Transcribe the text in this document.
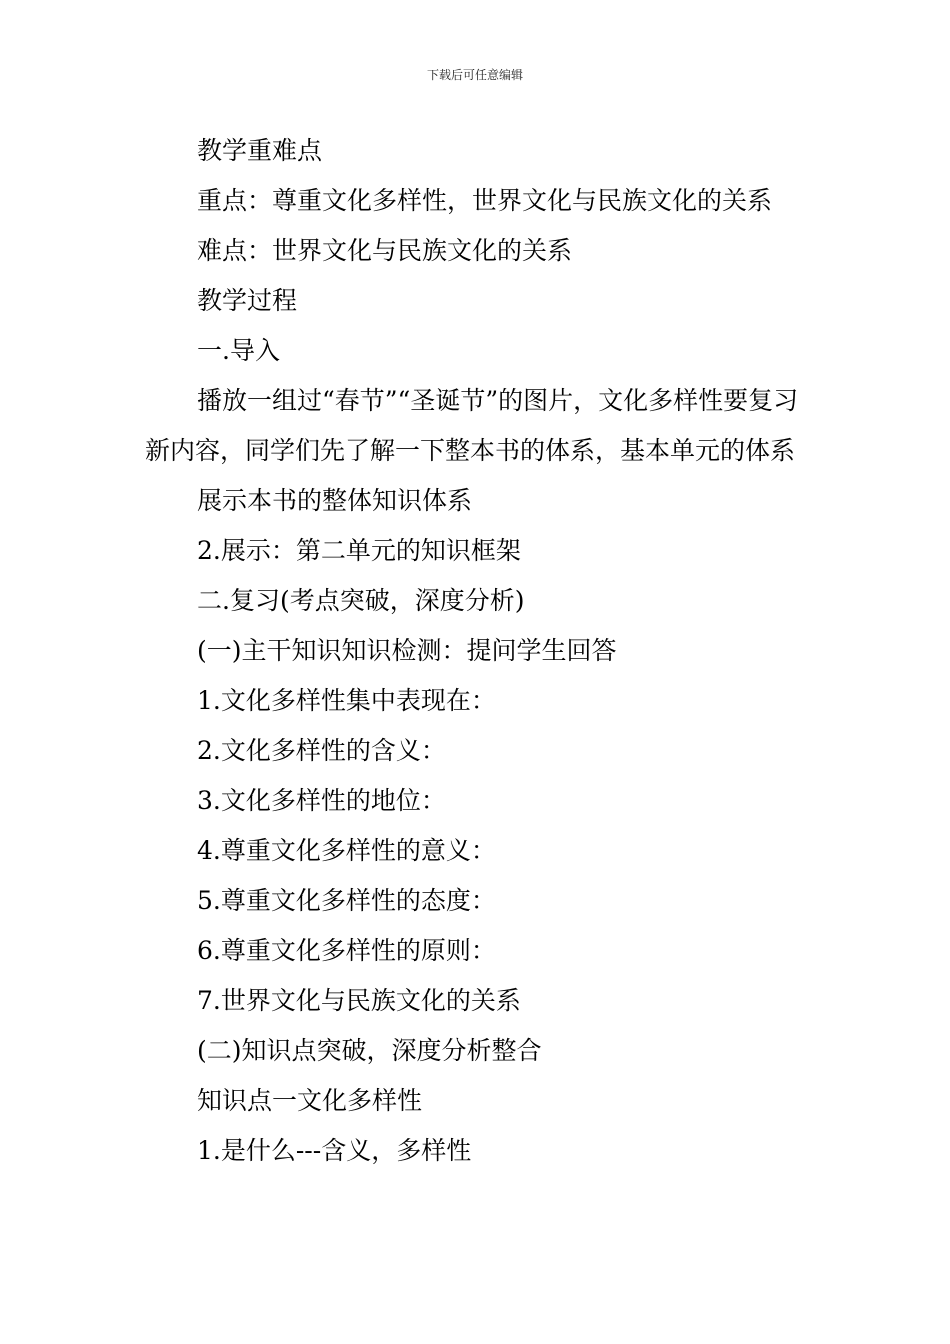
下载后可任意编辑

教学重难点

重点：尊重文化多样性，世界文化与民族文化的关系

难点：世界文化与民族文化的关系

教学过程

一.导入

播放一组过“春节”“圣诞节”的图片，文化多样性要复习新内容，同学们先了解一下整本书的体系，基本单元的体系

展示本书的整体知识体系

2.展示：第二单元的知识框架

二.复习(考点突破，深度分析)

(一)主干知识知识检测：提问学生回答

1.文化多样性集中表现在：

2.文化多样性的含义：

3.文化多样性的地位：

4.尊重文化多样性的意义：

5.尊重文化多样性的态度：

6.尊重文化多样性的原则：

7.世界文化与民族文化的关系

(二)知识点突破，深度分析整合

知识点一文化多样性

1.是什么---含义，多样性
